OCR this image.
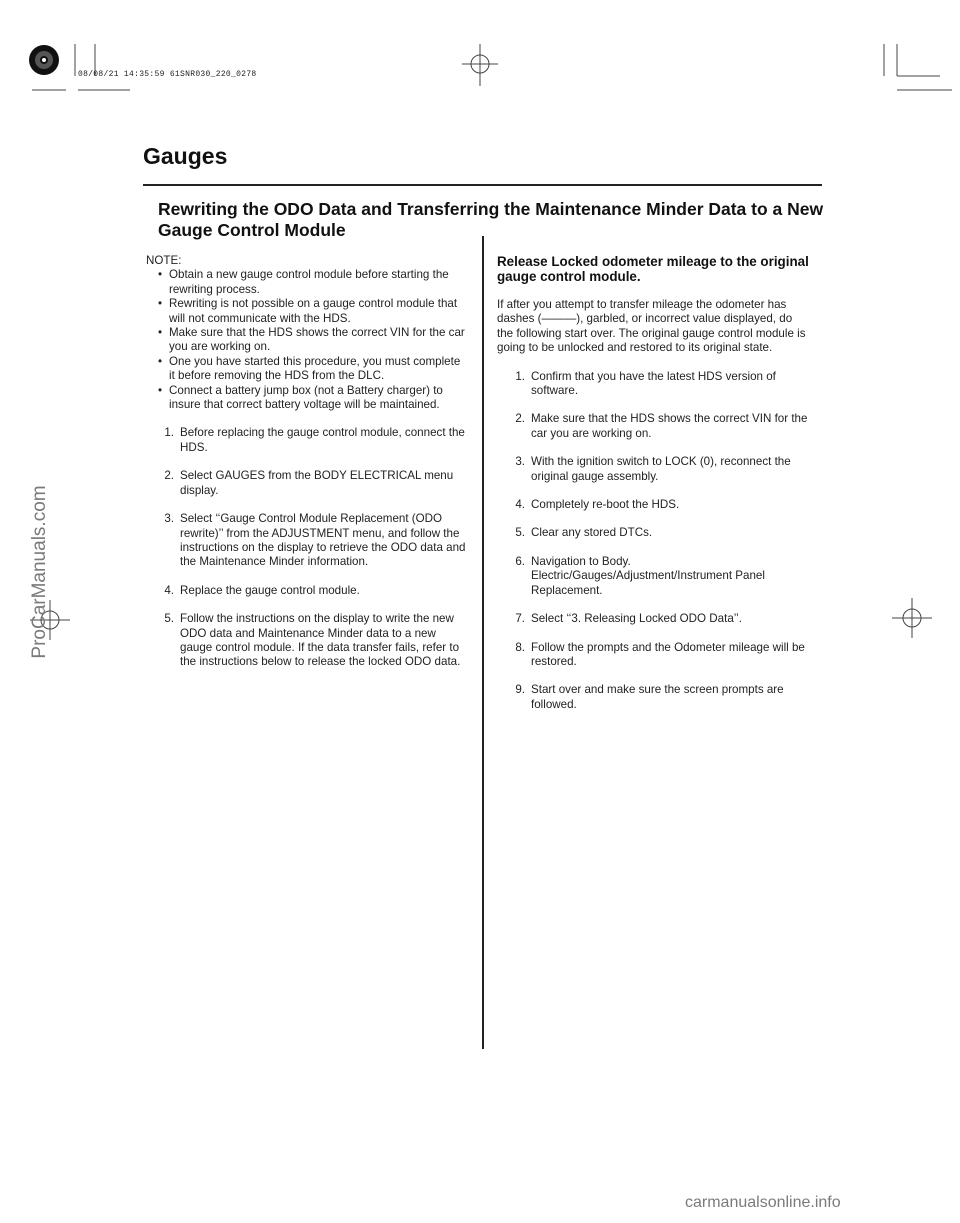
08/08/21 14:35:59 61SNR030_220_0278
Gauges
Rewriting the ODO Data and Transferring the Maintenance Minder Data to a New Gauge Control Module
NOTE:
• Obtain a new gauge control module before starting the rewriting process.
• Rewriting is not possible on a gauge control module that will not communicate with the HDS.
• Make sure that the HDS shows the correct VIN for the car you are working on.
• One you have started this procedure, you must complete it before removing the HDS from the DLC.
• Connect a battery jump box (not a Battery charger) to insure that correct battery voltage will be maintained.
1. Before replacing the gauge control module, connect the HDS.
2. Select GAUGES from the BODY ELECTRICAL menu display.
3. Select ‘‘Gauge Control Module Replacement (ODO rewrite)’’ from the ADJUSTMENT menu, and follow the instructions on the display to retrieve the ODO data and the Maintenance Minder information.
4. Replace the gauge control module.
5. Follow the instructions on the display to write the new ODO data and Maintenance Minder data to a new gauge control module. If the data transfer fails, refer to the instructions below to release the locked ODO data.
Release Locked odometer mileage to the original gauge control module.
If after you attempt to transfer mileage the odometer has dashes (———), garbled, or incorrect value displayed, do the following start over. The original gauge control module is going to be unlocked and restored to its original state.
1. Confirm that you have the latest HDS version of software.
2. Make sure that the HDS shows the correct VIN for the car you are working on.
3. With the ignition switch to LOCK (0), reconnect the original gauge assembly.
4. Completely re-boot the HDS.
5. Clear any stored DTCs.
6. Navigation to Body. Electric/Gauges/Adjustment/Instrument Panel Replacement.
7. Select ‘‘3. Releasing Locked ODO Data’’.
8. Follow the prompts and the Odometer mileage will be restored.
9. Start over and make sure the screen prompts are followed.
ProCarManuals.com
carmanualsonline.info
